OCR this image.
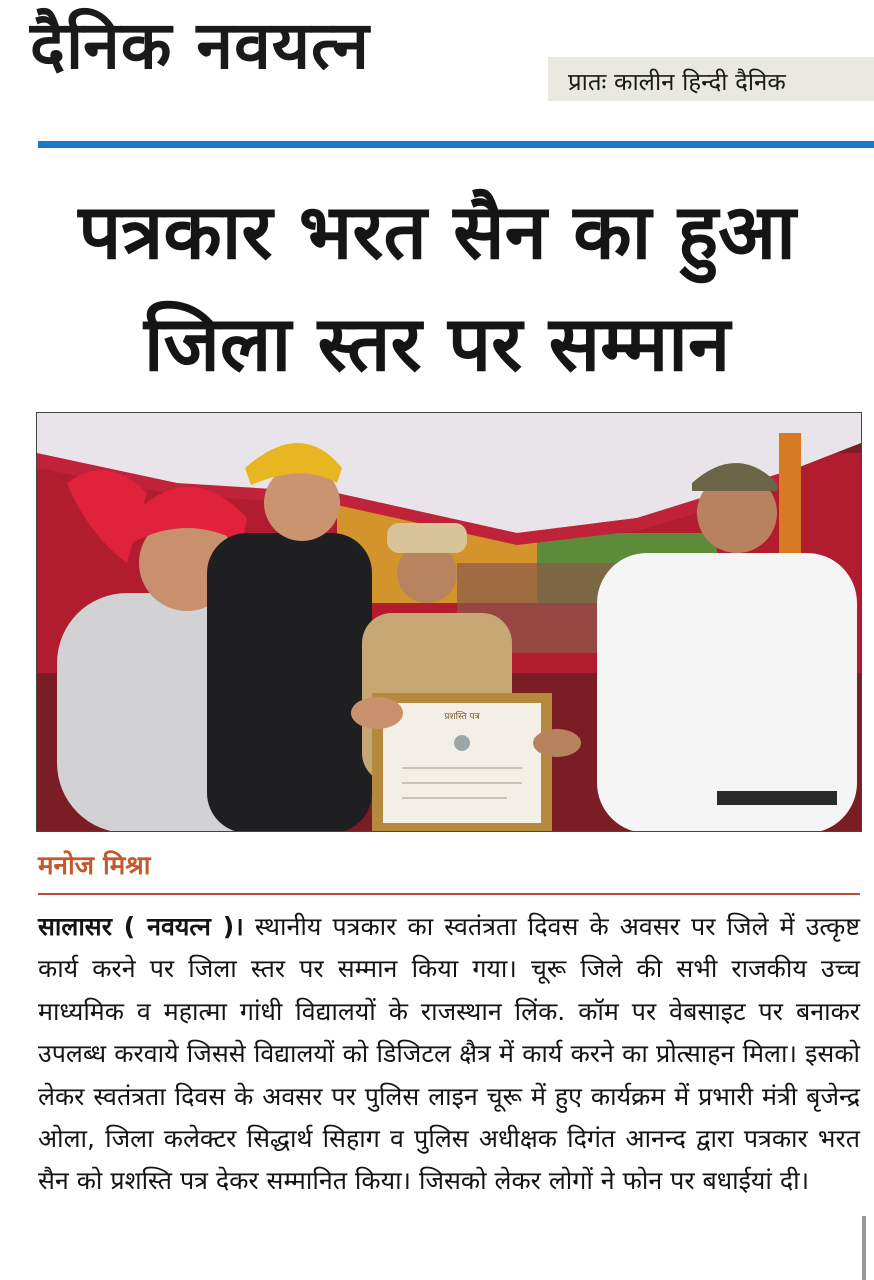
दैनिक नवयत्न	प्रातः कालीन हिन्दी दैनिक
पत्रकार भरत सैन का हुआ
जिला स्तर पर सम्मान
प्रशस्ति पत्र
मनोज मिश्रा
सालासर ( नवयत्न )। स्थानीय पत्रकार का स्वतंत्रता दिवस के अवसर पर जिले में उत्कृष्ट कार्य करने पर जिला स्तर पर सम्मान किया गया। चूरू जिले की सभी राजकीय उच्च माध्यमिक व महात्मा गांधी विद्यालयों के राजस्थान लिंक. कॉम पर वेबसाइट पर बनाकर उपलब्ध करवाये जिससे विद्यालयों को डिजिटल क्षैत्र में कार्य करने का प्रोत्साहन मिला। इसको लेकर स्वतंत्रता दिवस के अवसर पर पुलिस लाइन चूरू में हुए कार्यक्रम में प्रभारी मंत्री बृजेन्द्र ओला, जिला कलेक्टर सिद्धार्थ सिहाग व पुलिस अधीक्षक दिगंत आनन्द द्वारा पत्रकार भरत सैन को प्रशस्ति पत्र देकर सम्मानित किया। जिसको लेकर लोगों ने फोन पर बधाईयां दी।
